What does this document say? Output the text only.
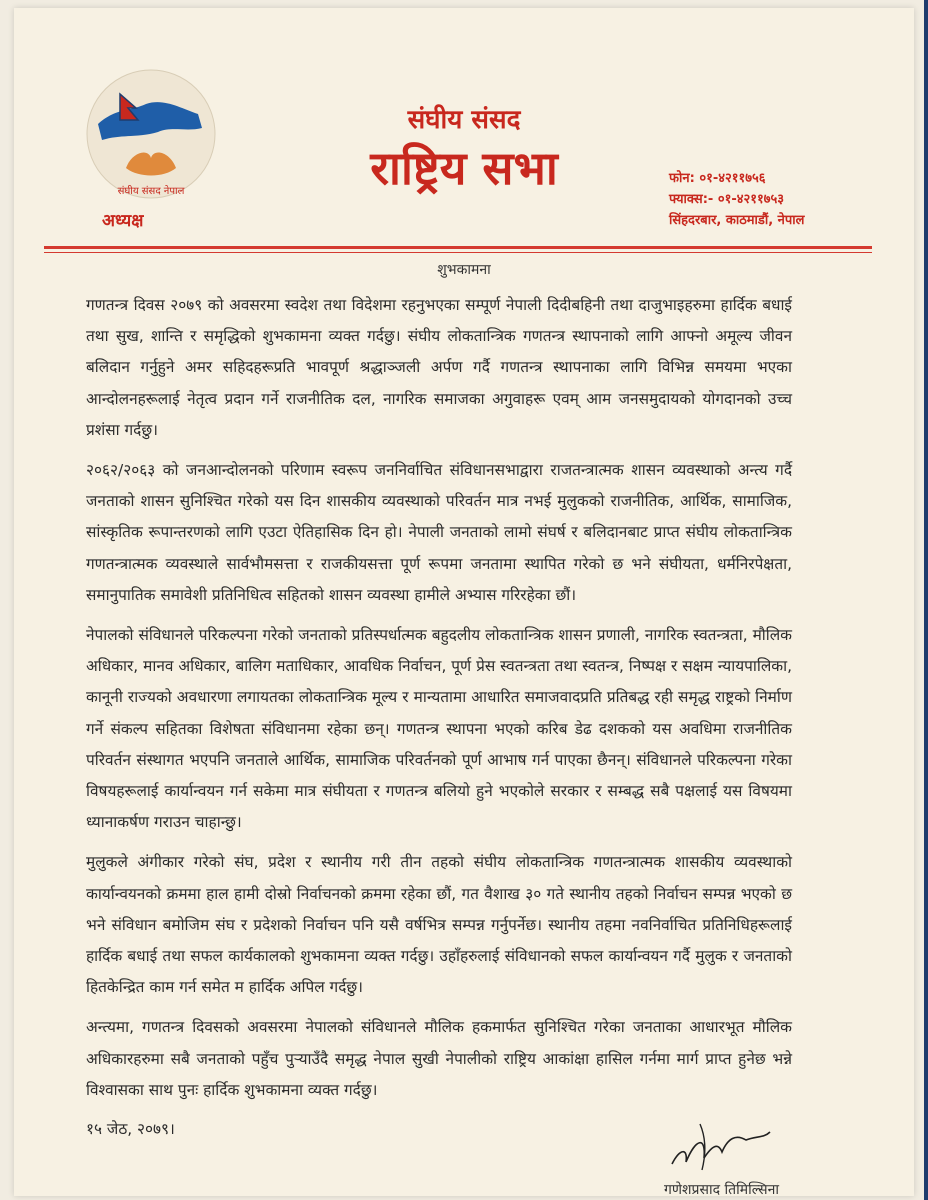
संघीय संसद नेपाल
अध्यक्ष
संघीय संसद
राष्ट्रिय सभा	फोन: ०१-४२११७५६
फ्याक्स:- ०१-४२११७५३
सिंहदरबार, काठमाडौं, नेपाल
शुभकामना

गणतन्त्र दिवस २०७९ को अवसरमा स्वदेश तथा विदेशमा रहनुभएका सम्पूर्ण नेपाली दिदीबहिनी तथा दाजुभाइहरुमा हार्दिक बधाई तथा सुख, शान्ति र समृद्धिको शुभकामना व्यक्त गर्दछु। संघीय लोकतान्त्रिक गणतन्त्र स्थापनाको लागि आफ्नो अमूल्य जीवन बलिदान गर्नुहुने अमर सहिदहरूप्रति भावपूर्ण श्रद्धाञ्जली अर्पण गर्दै गणतन्त्र स्थापनाका लागि विभिन्न समयमा भएका आन्दोलनहरूलाई नेतृत्व प्रदान गर्ने राजनीतिक दल, नागरिक समाजका अगुवाहरू एवम् आम जनसमुदायको योगदानको उच्च प्रशंसा गर्दछु।

२०६२/२०६३ को जनआन्दोलनको परिणाम स्वरूप जननिर्वाचित संविधानसभाद्वारा राजतन्त्रात्मक शासन व्यवस्थाको अन्त्य गर्दै जनताको शासन सुनिश्चित गरेको यस दिन शासकीय व्यवस्थाको परिवर्तन मात्र नभई मुलुकको राजनीतिक, आर्थिक, सामाजिक, सांस्कृतिक रूपान्तरणको लागि एउटा ऐतिहासिक दिन हो। नेपाली जनताको लामो संघर्ष र बलिदानबाट प्राप्त संघीय लोकतान्त्रिक गणतन्त्रात्मक व्यवस्थाले सार्वभौमसत्ता र राजकीयसत्ता पूर्ण रूपमा जनतामा स्थापित गरेको छ भने संघीयता, धर्मनिरपेक्षता, समानुपातिक समावेशी प्रतिनिधित्व सहितको शासन व्यवस्था हामीले अभ्यास गरिरहेका छौं।

नेपालको संविधानले परिकल्पना गरेको जनताको प्रतिस्पर्धात्मक बहुदलीय लोकतान्त्रिक शासन प्रणाली, नागरिक स्वतन्त्रता, मौलिक अधिकार, मानव अधिकार, बालिग मताधिकार, आवधिक निर्वाचन, पूर्ण प्रेस स्वतन्त्रता तथा स्वतन्त्र, निष्पक्ष र सक्षम न्यायपालिका, कानूनी राज्यको अवधारणा लगायतका लोकतान्त्रिक मूल्य र मान्यतामा आधारित समाजवादप्रति प्रतिबद्ध रही समृद्ध राष्ट्रको निर्माण गर्ने संकल्प सहितका विशेषता संविधानमा रहेका छन्। गणतन्त्र स्थापना भएको करिब डेढ दशकको यस अवधिमा राजनीतिक परिवर्तन संस्थागत भएपनि जनताले आर्थिक, सामाजिक परिवर्तनको पूर्ण आभाष गर्न पाएका छैनन्। संविधानले परिकल्पना गरेका विषयहरूलाई कार्यान्वयन गर्न सकेमा मात्र संघीयता र गणतन्त्र बलियो हुने भएकोले सरकार र सम्बद्ध सबै पक्षलाई यस विषयमा ध्यानाकर्षण गराउन चाहान्छु।

मुलुकले अंगीकार गरेको संघ, प्रदेश र स्थानीय गरी तीन तहको संघीय लोकतान्त्रिक गणतन्त्रात्मक शासकीय व्यवस्थाको कार्यान्वयनको क्रममा हाल हामी दोस्रो निर्वाचनको क्रममा रहेका छौं, गत वैशाख ३० गते स्थानीय तहको निर्वाचन सम्पन्न भएको छ भने संविधान बमोजिम संघ र प्रदेशको निर्वाचन पनि यसै वर्षभित्र सम्पन्न गर्नुपर्नेछ। स्थानीय तहमा नवनिर्वाचित प्रतिनिधिहरूलाई हार्दिक बधाई तथा सफल कार्यकालको शुभकामना व्यक्त गर्दछु। उहाँहरुलाई संविधानको सफल कार्यान्वयन गर्दै मुलुक र जनताको हितकेन्द्रित काम गर्न समेत म हार्दिक अपिल गर्दछु।

अन्त्यमा, गणतन्त्र दिवसको अवसरमा नेपालको संविधानले मौलिक हकमार्फत सुनिश्चित गरेका जनताका आधारभूत मौलिक अधिकारहरुमा सबै जनताको पहुँच पुऱ्याउँदै समृद्ध नेपाल सुखी नेपालीको राष्ट्रिय आकांक्षा हासिल गर्नमा मार्ग प्राप्त हुनेछ भन्ने विश्वासका साथ पुनः हार्दिक शुभकामना व्यक्त गर्दछु।

१५ जेठ, २०७९।
गणेशप्रसाद तिमिल्सिना
